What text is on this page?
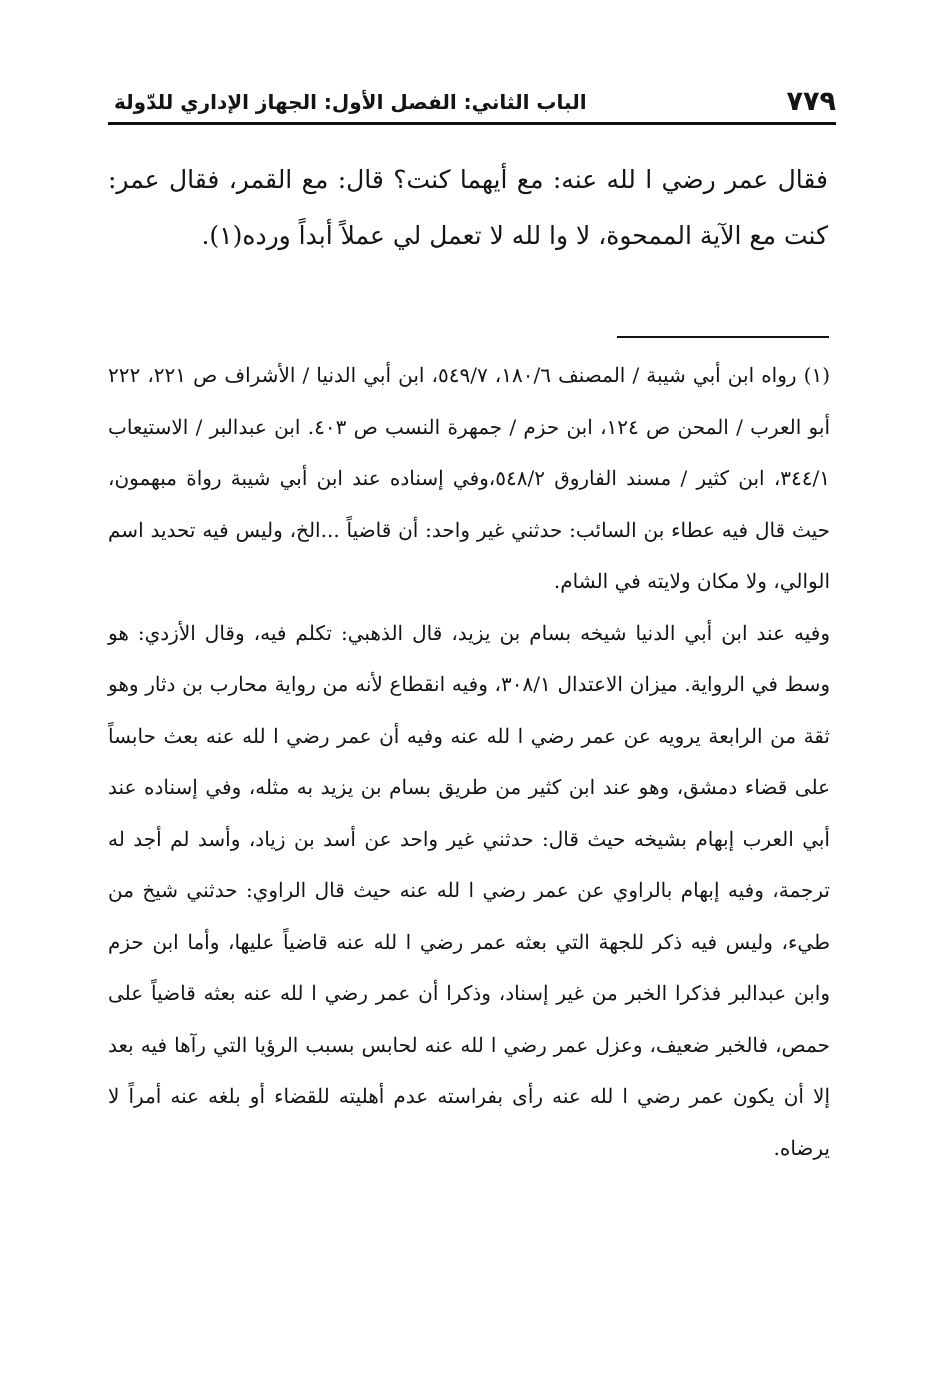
٧٧٩
الباب الثاني: الفصل الأول: الجهاز الإداري للدّولة

فقال عمر رضي ا لله عنه: مع أيهما كنت؟ قال: مع القمر، فقال عمر: كنت مع الآية الممحوة، لا وا لله لا تعمل لي عملاً أبداً ورده(١).

(١) رواه ابن أبي شيبة / المصنف ١٨٠/٦، ٥٤٩/٧، ابن أبي الدنيا / الأشراف ص ٢٢١، ٢٢٢ أبو العرب / المحن ص ١٢٤، ابن حزم / جمهرة النسب ص ٤٠٣. ابن عبدالبر / الاستيعاب ٣٤٤/١، ابن كثير / مسند الفاروق ٥٤٨/٢،وفي إسناده عند ابن أبي شيبة رواة مبهمون، حيث قال فيه عطاء بن السائب: حدثني غير واحد: أن قاضياً ...الخ، وليس فيه تحديد اسم الوالي، ولا مكان ولايته في الشام.

وفيه عند ابن أبي الدنيا شيخه بسام بن يزيد، قال الذهبي: تكلم فيه، وقال الأزدي: هو وسط في الرواية. ميزان الاعتدال ٣٠٨/١، وفيه انقطاع لأنه من رواية محارب بن دثار وهو ثقة من الرابعة يرويه عن عمر رضي ا لله عنه وفيه أن عمر رضي ا لله عنه بعث حابساً على قضاء دمشق، وهو عند ابن كثير من طريق بسام بن يزيد به مثله، وفي إسناده عند أبي العرب إبهام بشيخه حيث قال: حدثني غير واحد عن أسد بن زياد، وأسد لم أجد له ترجمة، وفيه إبهام بالراوي عن عمر رضي ا لله عنه حيث قال الراوي: حدثني شيخ من طيء، وليس فيه ذكر للجهة التي بعثه عمر رضي ا لله عنه قاضياً عليها، وأما ابن حزم وابن عبدالبر فذكرا الخبر من غير إسناد، وذكرا أن عمر رضي ا لله عنه بعثه قاضياً على حمص، فالخبر ضعيف، وعزل عمر رضي ا لله عنه لحابس بسبب الرؤيا التي رآها فيه بعد إلا أن يكون عمر رضي ا لله عنه رأى بفراسته عدم أهليته للقضاء أو بلغه عنه أمراً لا يرضاه.
